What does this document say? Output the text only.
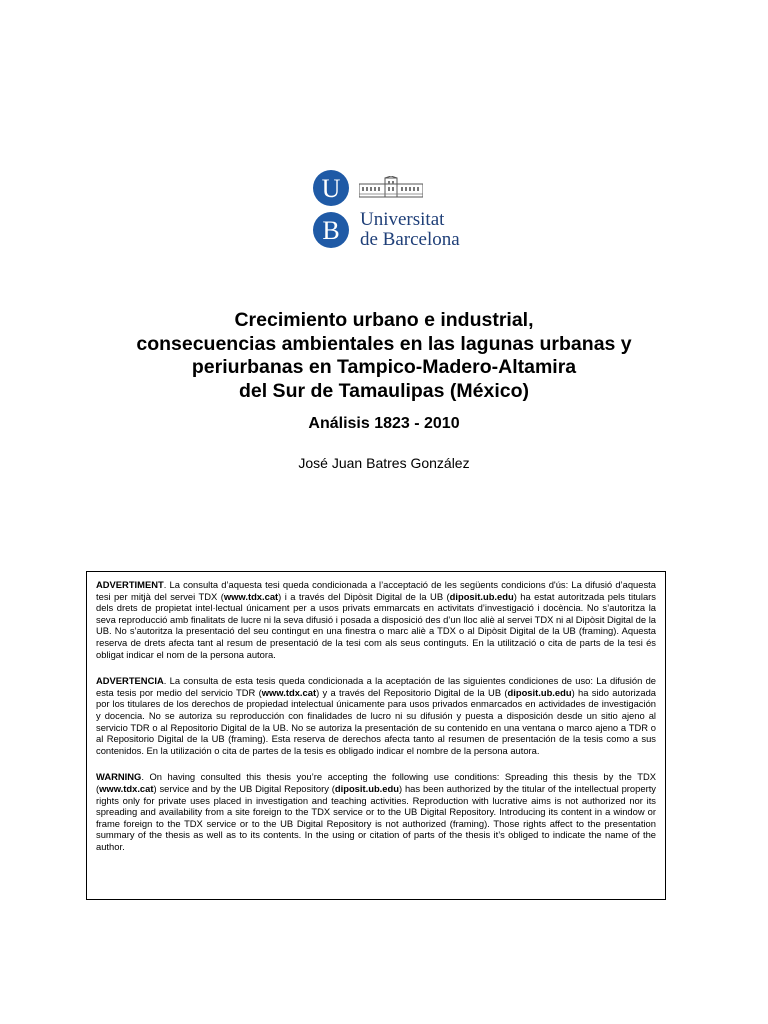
U
B	Universitat
de Barcelona
Crecimiento urbano e industrial,
consecuencias ambientales en las lagunas urbanas y
periurbanas en Tampico-Madero-Altamira
del Sur de Tamaulipas (México)
Análisis 1823 - 2010

José Juan Batres González

ADVERTIMENT. La consulta d’aquesta tesi queda condicionada a l’acceptació de les següents condicions d'ús: La difusió d’aquesta tesi per mitjà del servei TDX (www.tdx.cat) i a través del Dipòsit Digital de la UB (diposit.ub.edu) ha estat autoritzada pels titulars dels drets de propietat intel·lectual únicament per a usos privats emmarcats en activitats d’investigació i docència. No s’autoritza la seva reproducció amb finalitats de lucre ni la seva difusió i posada a disposició des d’un lloc aliè al servei TDX ni al Dipòsit Digital de la UB. No s’autoritza la presentació del seu contingut en una finestra o marc aliè a TDX o al Dipòsit Digital de la UB (framing). Aquesta reserva de drets afecta tant al resum de presentació de la tesi com als seus continguts. En la utilització o cita de parts de la tesi és obligat indicar el nom de la persona autora.

ADVERTENCIA. La consulta de esta tesis queda condicionada a la aceptación de las siguientes condiciones de uso: La difusión de esta tesis por medio del servicio TDR (www.tdx.cat) y a través del Repositorio Digital de la UB (diposit.ub.edu) ha sido autorizada por los titulares de los derechos de propiedad intelectual únicamente para usos privados enmarcados en actividades de investigación y docencia. No se autoriza su reproducción con finalidades de lucro ni su difusión y puesta a disposición desde un sitio ajeno al servicio TDR o al Repositorio Digital de la UB. No se autoriza la presentación de su contenido en una ventana o marco ajeno a TDR o al Repositorio Digital de la UB (framing). Esta reserva de derechos afecta tanto al resumen de presentación de la tesis como a sus contenidos. En la utilización o cita de partes de la tesis es obligado indicar el nombre de la persona autora.

WARNING. On having consulted this thesis you’re accepting the following use conditions: Spreading this thesis by the TDX (www.tdx.cat) service and by the UB Digital Repository (diposit.ub.edu) has been authorized by the titular of the intellectual property rights only for private uses placed in investigation and teaching activities. Reproduction with lucrative aims is not authorized nor its spreading and availability from a site foreign to the TDX service or to the UB Digital Repository. Introducing its content in a window or frame foreign to the TDX service or to the UB Digital Repository is not authorized (framing). Those rights affect to the presentation summary of the thesis as well as to its contents. In the using or citation of parts of the thesis it’s obliged to indicate the name of the author.
